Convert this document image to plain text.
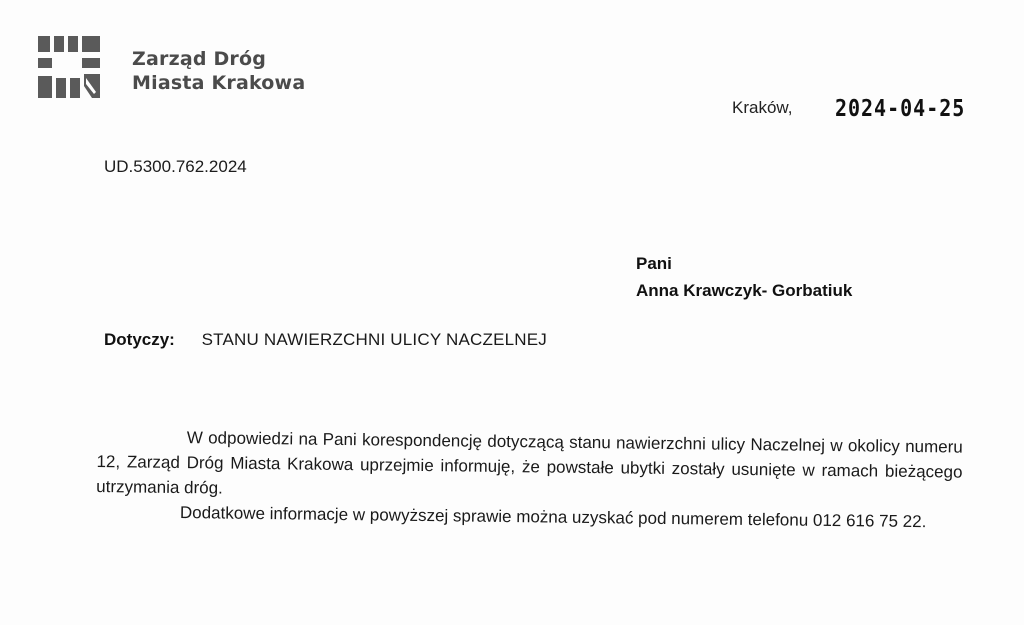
Zarząd Dróg
Miasta Krakowa
Kraków, 2024-04-25
UD.5300.762.2024
Pani
Anna Krawczyk- Gorbatiuk
Dotyczy: STANU NAWIERZCHNI ULICY NACZELNEJ

W odpowiedzi na Pani korespondencję dotyczącą stanu nawierzchni ulicy Naczelnej w okolicy numeru 12, Zarząd Dróg Miasta Krakowa uprzejmie informuję, że powstałe ubytki zostały usunięte w ramach bieżącego utrzymania dróg.

Dodatkowe informacje w powyższej sprawie można uzyskać pod numerem telefonu 012 616 75 22.
